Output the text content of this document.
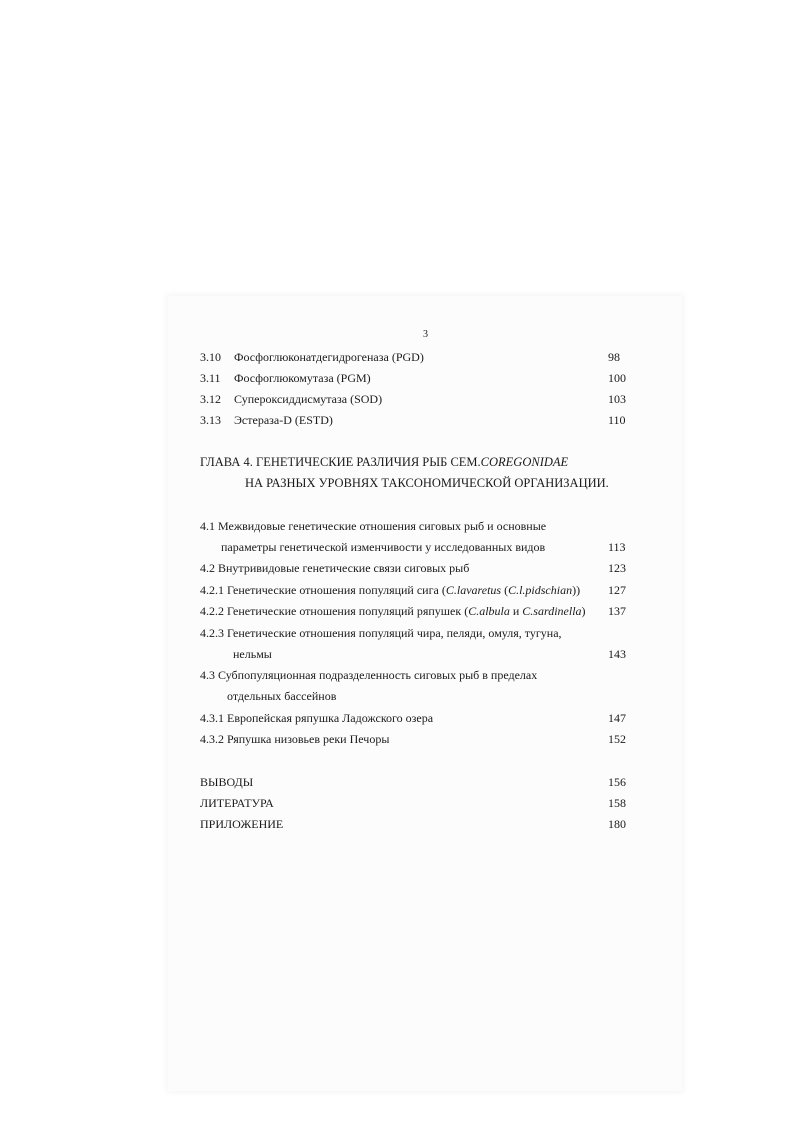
3
3.10 Фосфоглюконатдегидрогеназа (PGD)	98
3.11 Фосфоглюкомутаза (PGM)	100
3.12 Супероксиддисмутаза (SOD)	103
3.13 Эстераза-D (ESTD)	110
ГЛАВА 4. ГЕНЕТИЧЕСКИЕ РАЗЛИЧИЯ РЫБ СЕМ.COREGONIDAE
НА РАЗНЫХ УРОВНЯХ ТАКСОНОМИЧЕСКОЙ ОРГАНИЗАЦИИ.
4.1 Межвидовые генетические отношения сиговых рыб и основные
параметры генетической изменчивости у исследованных видов	113
4.2 Внутривидовые генетические связи сиговых рыб	123
4.2.1 Генетические отношения популяций сига (C.lavaretus (C.l.pidschian)) 127
4.2.2 Генетические отношения популяций ряпушек (C.albula и C.sardinella) 137
4.2.3 Генетические отношения популяций чира, пеляди, омуля, тугуна,
нельмы	143
4.3 Субпопуляционная подразделенность сиговых рыб в пределах
отдельных бассейнов
4.3.1 Европейская ряпушка Ладожского озера	147
4.3.2 Ряпушка низовьев реки Печоры	152
ВЫВОДЫ	156
ЛИТЕРАТУРА	158
ПРИЛОЖЕНИЕ	180
